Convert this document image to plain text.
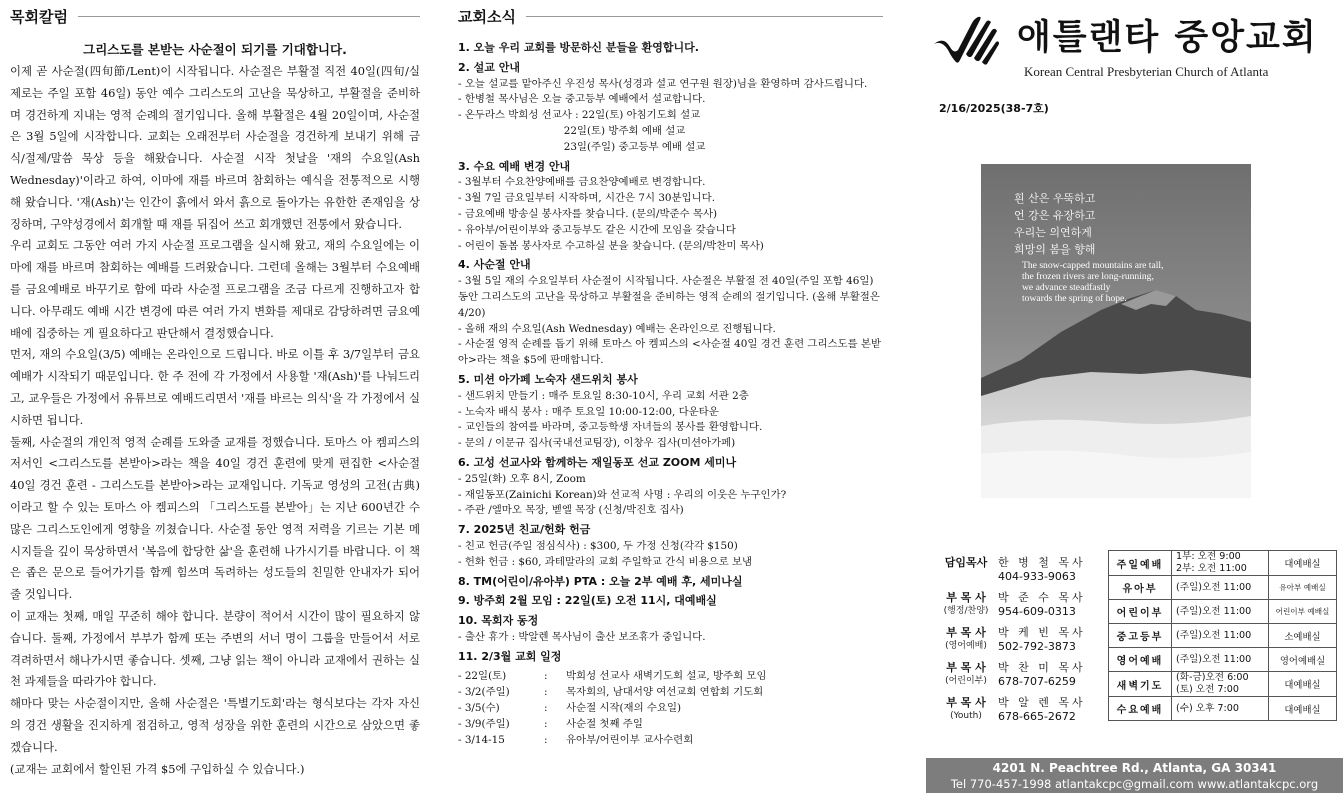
목회칼럼
그리스도를 본받는 사순절이 되기를 기대합니다.

이제 곧 사순절(四旬節/Lent)이 시작됩니다. 사순절은 부활절 직전 40일(四旬/실제로는 주일 포함 46일) 동안 예수 그리스도의 고난을 묵상하고, 부활절을 준비하며 경건하게 지내는 영적 순례의 절기입니다. 올해 부활절은 4월 20일이며, 사순절은 3월 5일에 시작합니다. 교회는 오래전부터 사순절을 경건하게 보내기 위해 금식/절제/말씀 묵상 등을 해왔습니다. 사순절 시작 첫날을 '재의 수요일(Ash Wednesday)'이라고 하여, 이마에 재를 바르며 참회하는 예식을 전통적으로 시행해 왔습니다. '재(Ash)'는 인간이 흙에서 와서 흙으로 돌아가는 유한한 존재임을 상징하며, 구약성경에서 회개할 때 재를 뒤집어 쓰고 회개했던 전통에서 왔습니다.

우리 교회도 그동안 여러 가지 사순절 프로그램을 실시해 왔고, 재의 수요일에는 이마에 재를 바르며 참회하는 예배를 드려왔습니다. 그런데 올해는 3월부터 수요예배를 금요예배로 바꾸기로 함에 따라 사순절 프로그램을 조금 다르게 진행하고자 합니다. 아무래도 예배 시간 변경에 따른 여러 가지 변화를 제대로 감당하려면 금요예배에 집중하는 게 필요하다고 판단해서 결정했습니다.

먼저, 재의 수요일(3/5) 예배는 온라인으로 드립니다. 바로 이틀 후 3/7일부터 금요예배가 시작되기 때문입니다. 한 주 전에 각 가정에서 사용할 '재(Ash)'를 나눠드리고, 교우들은 가정에서 유튜브로 예배드리면서 '재를 바르는 의식'을 각 가정에서 실시하면 됩니다.

둘째, 사순절의 개인적 영적 순례를 도와줄 교재를 정했습니다. 토마스 아 켐피스의 저서인 <그리스도를 본받아>라는 책을 40일 경건 훈련에 맞게 편집한 <사순절 40일 경건 훈련 - 그리스도를 본받아>라는 교재입니다. 기독교 영성의 고전(古典)이라고 할 수 있는 토마스 아 켐피스의 「그리스도를 본받아」는 지난 600년간 수많은 그리스도인에게 영향을 끼쳤습니다. 사순절 동안 영적 저력을 기르는 기본 메시지들을 깊이 묵상하면서 '복음에 합당한 삶'을 훈련해 나가시기를 바랍니다. 이 책은 좁은 문으로 들어가기를 함께 힘쓰며 독려하는 성도들의 친밀한 안내자가 되어줄 것입니다.

이 교재는 첫째, 매일 꾸준히 해야 합니다. 분량이 적어서 시간이 많이 필요하지 않습니다. 둘째, 가정에서 부부가 함께 또는 주변의 서너 명이 그룹을 만들어서 서로 격려하면서 해나가시면 좋습니다. 셋째, 그냥 읽는 책이 아니라 교재에서 권하는 실천 과제들을 따라가야 합니다.

해마다 맞는 사순절이지만, 올해 사순절은 '특별기도회'라는 형식보다는 각자 자신의 경건 생활을 진지하게 점검하고, 영적 성장을 위한 훈련의 시간으로 삼았으면 좋겠습니다.

(교재는 교회에서 할인된 가격 $5에 구입하실 수 있습니다.)

교회소식
1. 오늘 우리 교회를 방문하신 분들을 환영합니다.
2. 설교 안내
- 오늘 설교를 맡아주신 우진성 목사(성경과 설교 연구원 원장)님을 환영하며 감사드립니다.
- 한병철 목사님은 오늘 중고등부 예배에서 설교합니다.
- 온두라스 박희성 선교사 : 22일(토) 아침기도회 설교
22일(토) 방주회 예배 설교
23일(주일) 중고등부 예배 설교
3. 수요 예배 변경 안내
- 3월부터 수요찬양예배를 금요찬양예배로 변경합니다.
- 3월 7일 금요일부터 시작하며, 시간은 7시 30분입니다.
- 금요예배 방송실 봉사자를 찾습니다. (문의/박준수 목사)
- 유아부/어린이부와 중고등부도 같은 시간에 모임을 갖습니다
- 어린이 돌봄 봉사자로 수고하실 분을 찾습니다. (문의/박찬미 목사)
4. 사순절 안내
- 3월 5일 재의 수요일부터 사순절이 시작됩니다. 사순절은 부활절 전 40일(주일 포함 46일) 동안 그리스도의 고난을 묵상하고 부활절을 준비하는 영적 순례의 절기입니다. (올해 부활절은 4/20)
- 올해 재의 수요일(Ash Wednesday) 예배는 온라인으로 진행됩니다.
- 사순절 영적 순례를 돕기 위해 토마스 아 켐피스의 <사순절 40일 경건 훈련 그리스도를 본받아>라는 책을 $5에 판매합니다.
5. 미션 아가페 노숙자 샌드위치 봉사
- 샌드위치 만들기 : 매주 토요일 8:30-10시, 우리 교회 서관 2층
- 노숙자 배식 봉사 : 매주 토요일 10:00-12:00, 다운타운
- 교인들의 참여를 바라며, 중고등학생 자녀들의 봉사를 환영합니다.
- 문의 / 이문규 집사(국내선교팀장), 이창우 집사(미션아가페)
6. 고성 선교사와 함께하는 재일동포 선교 ZOOM 세미나
- 25일(화) 오후 8시, Zoom
- 재일동포(Zainichi Korean)와 선교적 사명 : 우리의 이웃은 누구인가?
- 주관 /엘마오 목장, 벧엘 목장 (신청/박진호 집사)
7. 2025년 친교/헌화 헌금
- 친교 헌금(주일 점심식사) : $300, 두 가정 신청(각각 $150)
- 헌화 헌금 : $60, 과테말라의 교회 주일학교 간식 비용으로 보냄
8. TM(어린이/유아부) PTA : 오늘 2부 예배 후, 세미나실
9. 방주회 2월 모임 : 22일(토) 오전 11시, 대예배실
10. 목회자 동정
- 출산 휴가 : 박알렌 목사님이 출산 보조휴가 중입니다.
11. 2/3월 교회 일정
- 22일(토)	:	박희성 선교사 새벽기도회 설교, 방주회 모임
- 3/2(주일)	:	목자회의, 남대서양 여선교회 연합회 기도회
- 3/5(수)	:	사순절 시작(재의 수요일)
- 3/9(주일)	:	사순절 첫째 주일
- 3/14-15	:	유아부/어린이부 교사수련회
애틀랜타 중앙교회
Korean Central Presbyterian Church of Atlanta
2/16/2025(38-7호)
흰 산은 우뚝하고
언 강은 유장하고
우리는 의연하게
희망의 봄을 향해
The snow-capped mountains are tall,
the frozen rivers are long-running,
we advance steadfastly
towards the spring of hope.
담임목사 한 병 철 목사
404-933-9063
부 목 사
(행정/찬양)
박 준 수 목사
954-609-0313
부 목 사
(영어예배)
박 케 빈 목사
502-792-3873
부 목 사
(어린이부)
박 찬 미 목사
678-707-6259
부 목 사
(Youth)
박 알 렌 목사
678-665-2672
주일예배	1부: 오전 9:00
2부: 오전 11:00	대예배실
유아부	(주일)오전 11:00	유아부 예배실
어린이부	(주일)오전 11:00	어린이부 예배실
중고등부	(주일)오전 11:00	소예배실
영어예배	(주일)오전 11:00	영어예배실
새벽기도	(화-금)오전 6:00
(토) 오전 7:00	대예배실
수요예배	(수) 오후 7:00	대예배실
4201 N. Peachtree Rd., Atlanta, GA 30341
Tel 770-457-1998 atlantakcpc@gmail.com www.atlantakcpc.org
